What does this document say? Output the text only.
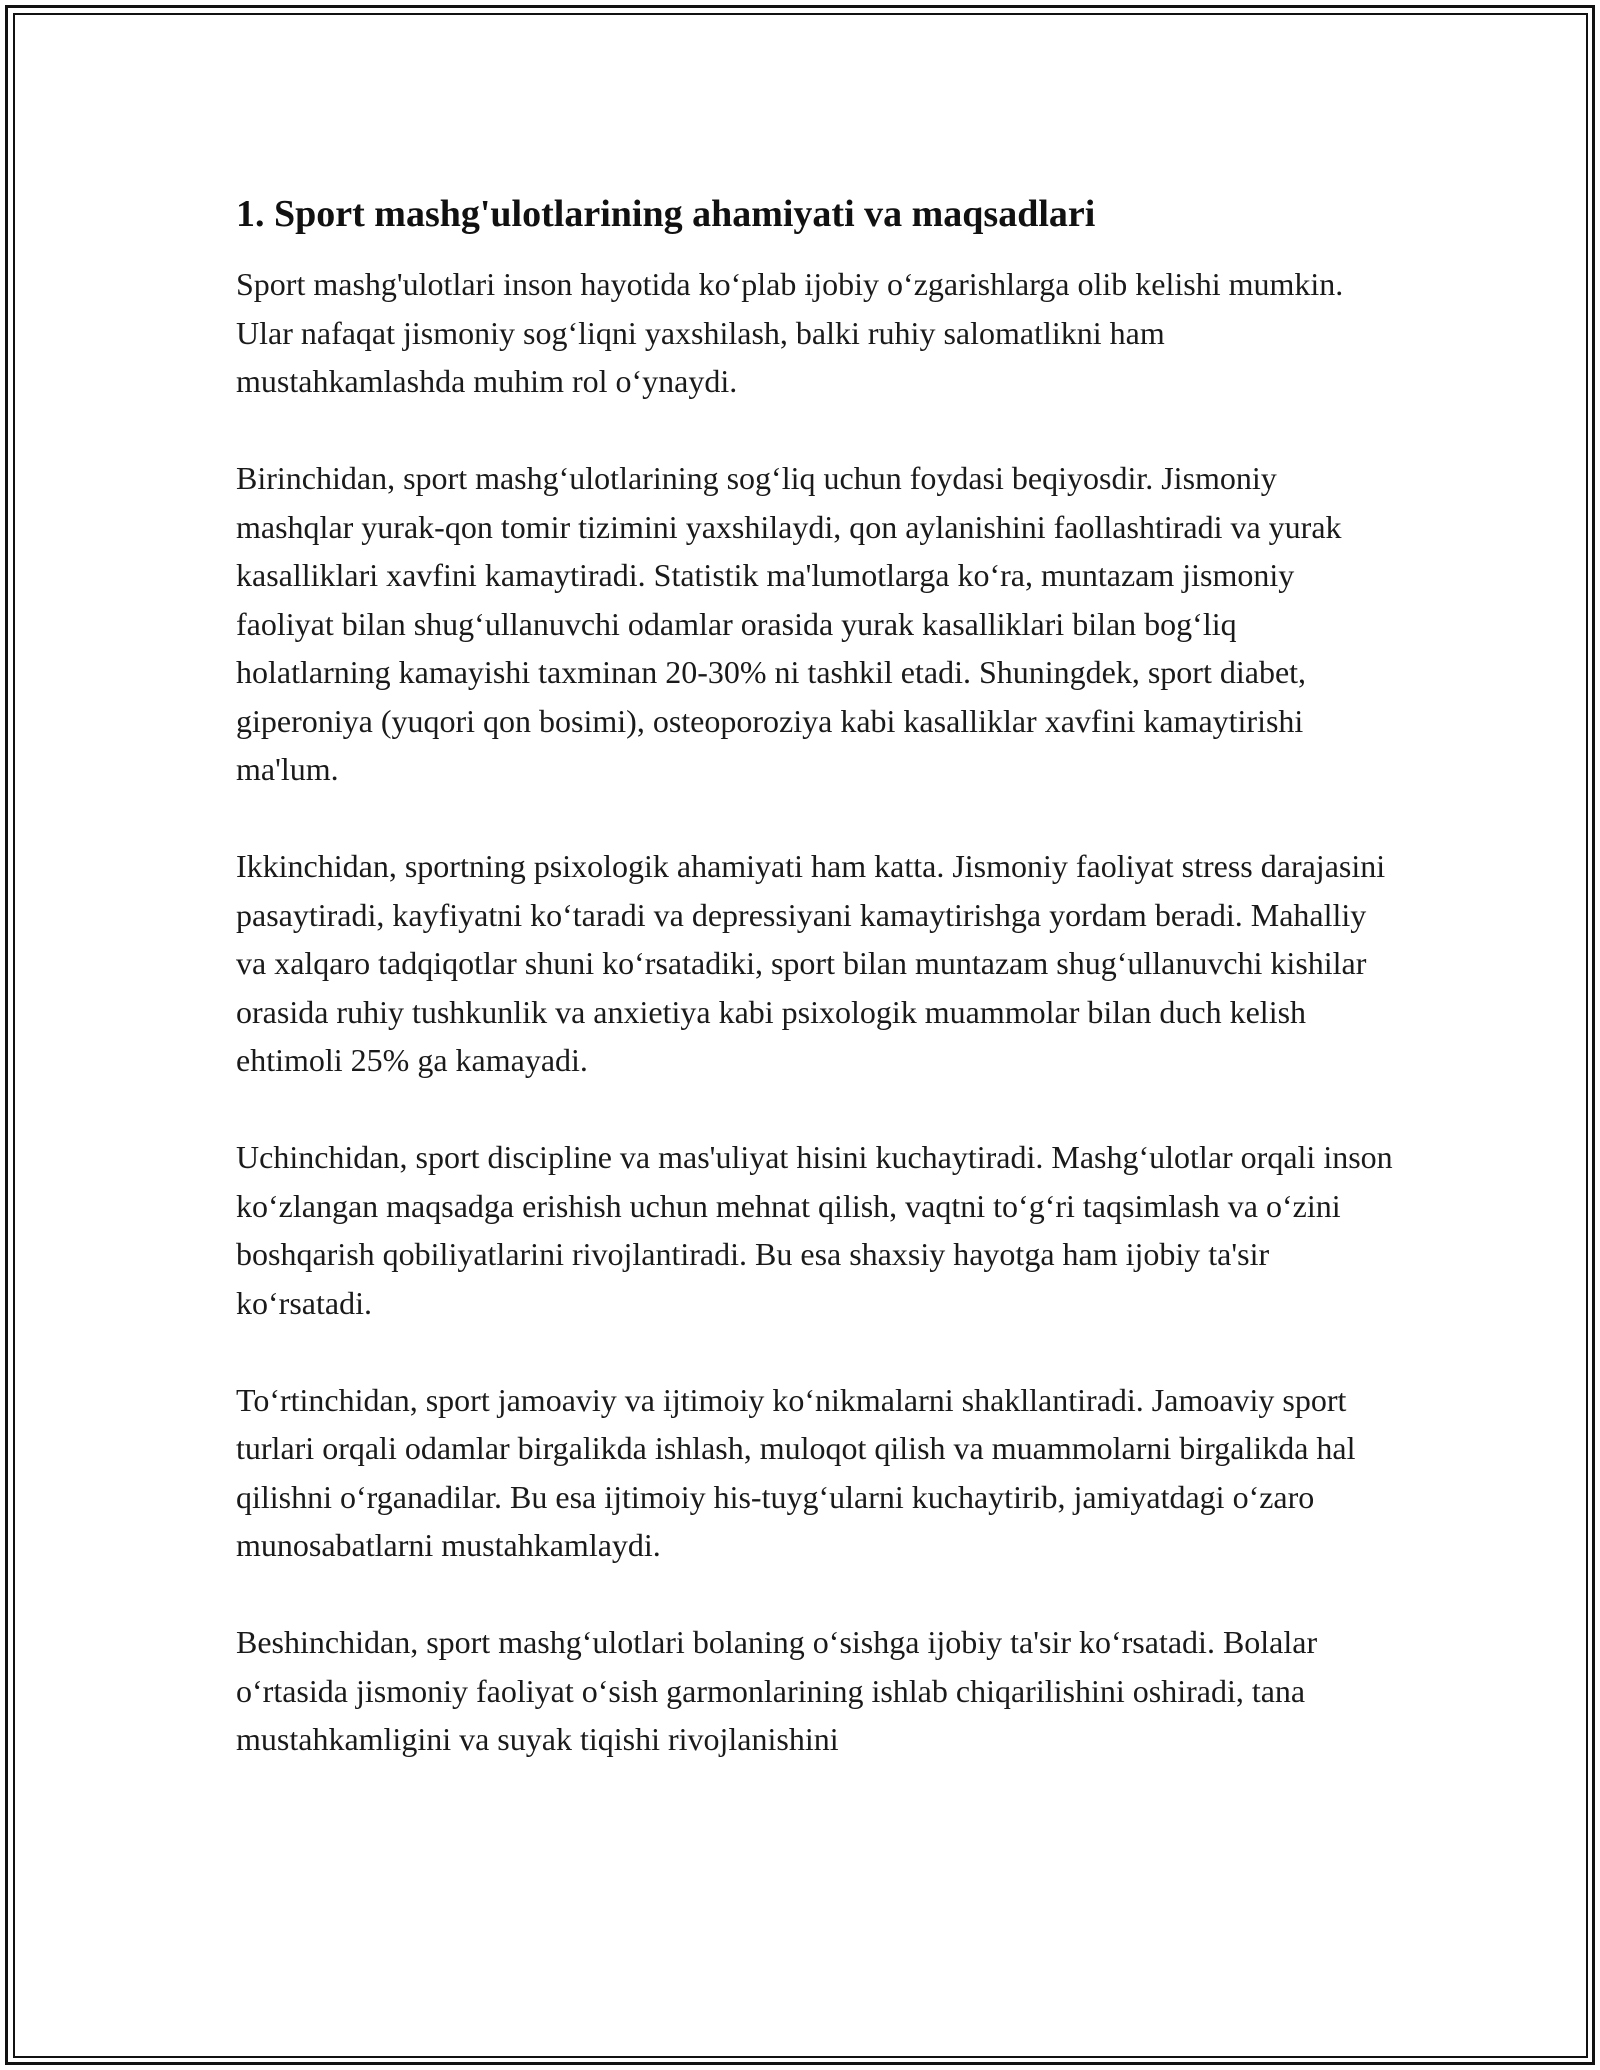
1. Sport mashg'ulotlarining ahamiyati va maqsadlari

Sport mashg'ulotlari inson hayotida ko‘plab ijobiy o‘zgarishlarga olib kelishi mumkin. Ular nafaqat jismoniy sog‘liqni yaxshilash, balki ruhiy salomatlikni ham mustahkamlashda muhim rol o‘ynaydi.

Birinchidan, sport mashg‘ulotlarining sog‘liq uchun foydasi beqiyosdir. Jismoniy mashqlar yurak-qon tomir tizimini yaxshilaydi, qon aylanishini faollashtiradi va yurak kasalliklari xavfini kamaytiradi. Statistik ma'lumotlarga ko‘ra, muntazam jismoniy faoliyat bilan shug‘ullanuvchi odamlar orasida yurak kasalliklari bilan bog‘liq holatlarning kamayishi taxminan 20-30% ni tashkil etadi. Shuningdek, sport diabet, giperoniya (yuqori qon bosimi), osteoporoziya kabi kasalliklar xavfini kamaytirishi ma'lum.

Ikkinchidan, sportning psixologik ahamiyati ham katta. Jismoniy faoliyat stress darajasini pasaytiradi, kayfiyatni ko‘taradi va depressiyani kamaytirishga yordam beradi. Mahalliy va xalqaro tadqiqotlar shuni ko‘rsatadiki, sport bilan muntazam shug‘ullanuvchi kishilar orasida ruhiy tushkunlik va anxietiya kabi psixologik muammolar bilan duch kelish ehtimoli 25% ga kamayadi.

Uchinchidan, sport discipline va mas'uliyat hisini kuchaytiradi. Mashg‘ulotlar orqali inson ko‘zlangan maqsadga erishish uchun mehnat qilish, vaqtni to‘g‘ri taqsimlash va o‘zini boshqarish qobiliyatlarini rivojlantiradi. Bu esa shaxsiy hayotga ham ijobiy ta'sir ko‘rsatadi.

To‘rtinchidan, sport jamoaviy va ijtimoiy ko‘nikmalarni shakllantiradi. Jamoaviy sport turlari orqali odamlar birgalikda ishlash, muloqot qilish va muammolarni birgalikda hal qilishni o‘rganadilar. Bu esa ijtimoiy his-tuyg‘ularni kuchaytirib, jamiyatdagi o‘zaro munosabatlarni mustahkamlaydi.

Beshinchidan, sport mashg‘ulotlari bolaning o‘sishga ijobiy ta'sir ko‘rsatadi. Bolalar o‘rtasida jismoniy faoliyat o‘sish garmonlarining ishlab chiqarilishini oshiradi, tana mustahkamligini va suyak tiqishi rivojlanishini
